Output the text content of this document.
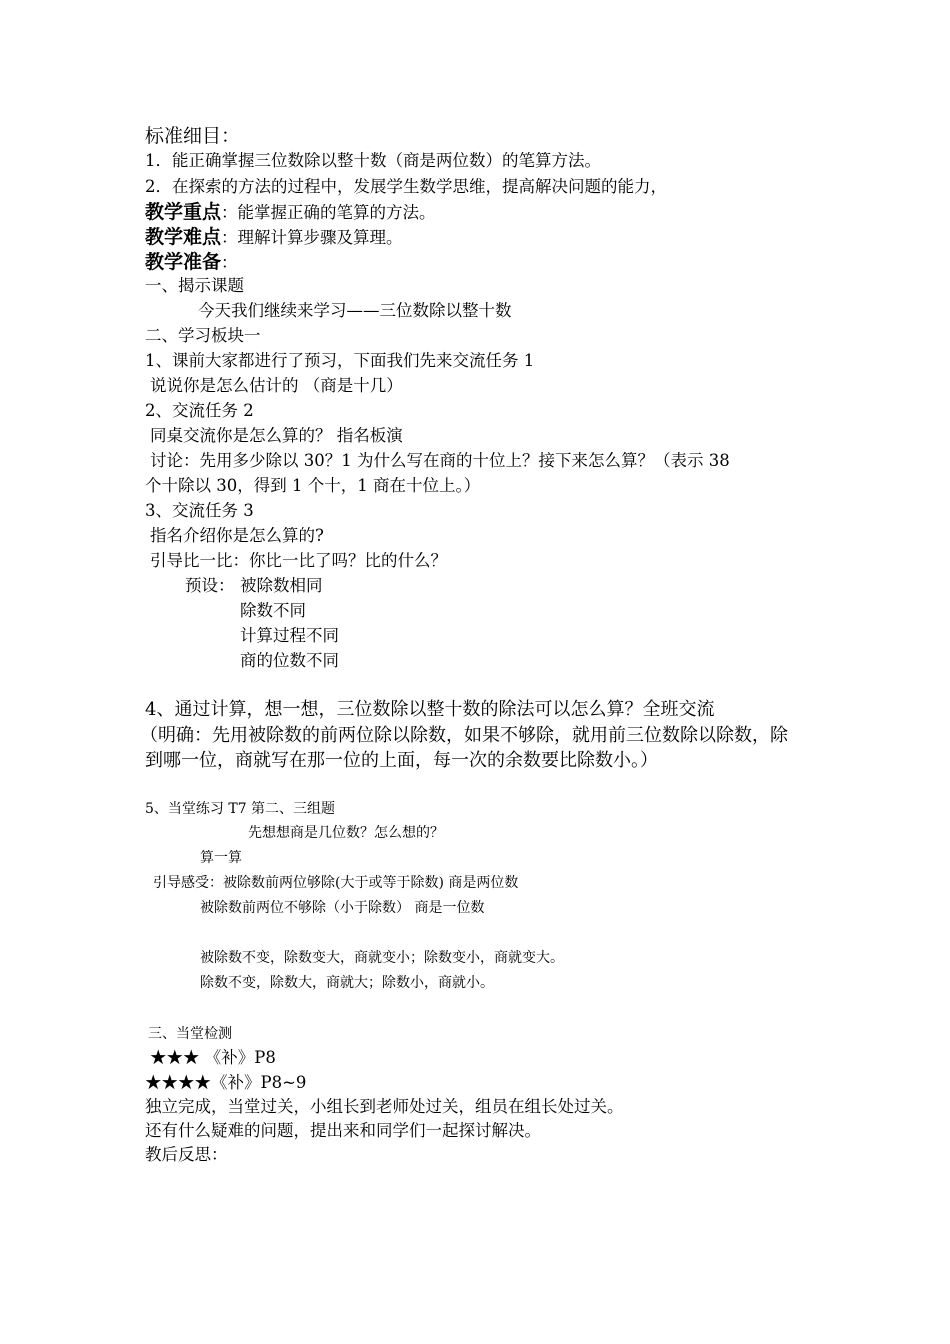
标准细目：
1．能正确掌握三位数除以整十数（商是两位数）的笔算方法。
2．在探索的方法的过程中，发展学生数学思维，提高解决问题的能力，
教学重点：能掌握正确的笔算的方法。
教学难点：理解计算步骤及算理。
教学准备：
一、揭示课题
今天我们继续来学习——三位数除以整十数
二、学习板块一
1、课前大家都进行了预习，下面我们先来交流任务 1
说说你是怎么估计的 （商是十几）
2、交流任务 2
同桌交流你是怎么算的？ 指名板演
讨论：先用多少除以 30？1 为什么写在商的十位上？接下来怎么算？（表示 38
个十除以 30，得到 1 个十，1 商在十位上。）
3、交流任务 3
指名介绍你是怎么算的?
引导比一比：你比一比了吗？比的什么？
预设： 被除数相同
除数不同
计算过程不同
商的位数不同
4、通过计算，想一想，三位数除以整十数的除法可以怎么算？全班交流
（明确：先用被除数的前两位除以除数，如果不够除，就用前三位数除以除数，除
到哪一位，商就写在那一位的上面，每一次的余数要比除数小。）
5、当堂练习 T7 第二、三组题
先想想商是几位数？怎么想的？
算一算
引导感受：被除数前两位够除(大于或等于除数) 商是两位数
被除数前两位不够除（小于除数） 商是一位数
被除数不变，除数变大，商就变小；除数变小，商就变大。
除数不变，除数大，商就大；除数小，商就小。
三、当堂检测
★★★ 《补》P8
★★★★《补》P8~9
独立完成，当堂过关，小组长到老师处过关，组员在组长处过关。
还有什么疑难的问题，提出来和同学们一起探讨解决。
教后反思：
